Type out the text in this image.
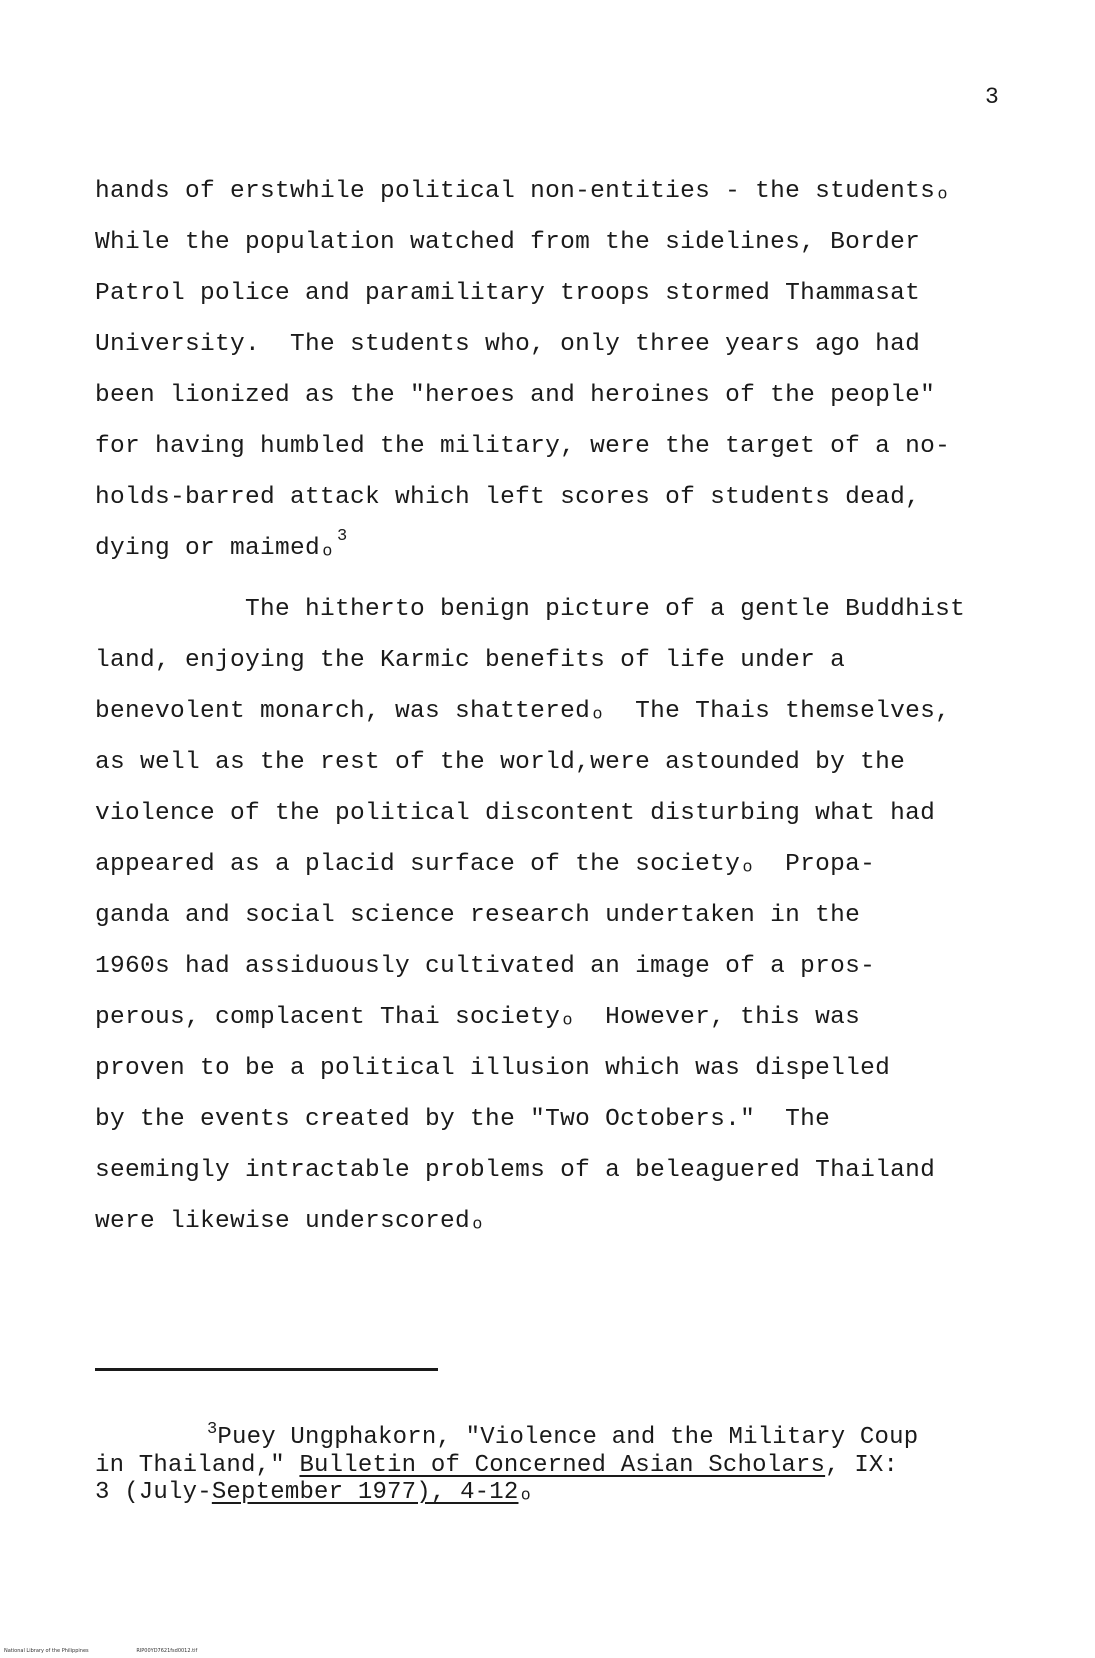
3
hands of erstwhile political non-entities - the studentsₒ
While the population watched from the sidelines, Border
Patrol police and paramilitary troops stormed Thammasat
University.  The students who, only three years ago had
been lionized as the "heroes and heroines of the people"
for having humbled the military, were the target of a no-
holds-barred attack which left scores of students dead,
dying or maimedₒ $^3$
The hitherto benign picture of a gentle Buddhist
land, enjoying the Karmic benefits of life under a
benevolent monarch, was shatteredₒ  The Thais themselves,
as well as the rest of the world,were astounded by the
violence of the political discontent disturbing what had
appeared as a placid surface of the societyₒ  Propa-
ganda and social science research undertaken in the
1960s had assiduously cultivated an image of a pros-
perous, complacent Thai societyₒ  However, this was
proven to be a political illusion which was dispelled
by the events created by the "Two Octobers."  The
seemingly intractable problems of a beleaguered Thailand
were likewise underscoredₒ
$^3$Puey Ungphakorn, "Violence and the Military Coup
in Thailand," Bulletin of Concerned Asian Scholars, IX:
3 (July-September 1977), 4-12ₒ
National Library of the Philippines	RIP00YD7621fsd0012.tif
